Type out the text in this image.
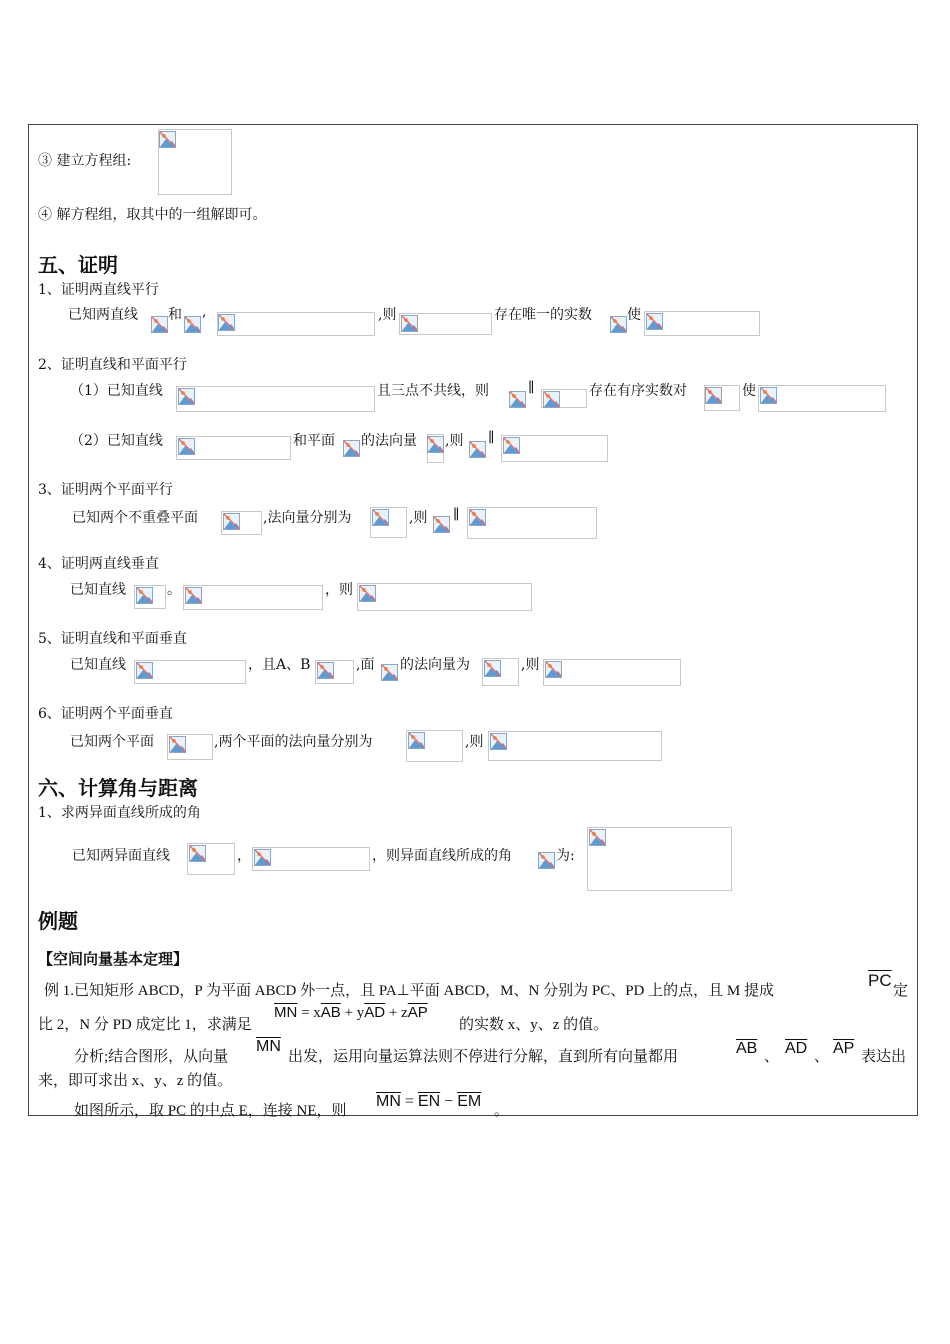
③ 建立方程组:
④ 解方程组，取其中的一组解即可。
五、证明
1、证明两直线平行
已知两直线 和 ,	,则	存在唯一的实数	使
2、证明直线和平面平行
（1）已知直线	且三点不共线，则	∥	存在有序实数对	使
（2）已知直线	和平面 的法向量 ,则 ∥
3、证明两个平面平行
已知两个不重叠平面	,法向量分别为	,则 ∥
4、证明两直线垂直
已知直线	。	，则
5、证明直线和平面垂直
已知直线	，且A、B	,面 的法向量为	,则
6、证明两个平面垂直
已知两个平面	,两个平面的法向量分别为	,则
六、计算角与距离
1、求两异面直线所成的角
已知两异面直线	，	，则异面直线所成的角	为:
例题
【空间向量基本定理】
例 1.已知矩形 ABCD，P 为平面 ABCD 外一点，且 PA⊥平面 ABCD，M、N 分别为 PC、PD 上的点，且 M 提成
$\overline{PC}$
定
比 2，N 分 PD 成定比 1，求满足
$\overline{MN} = x\overline{AB} + y\overline{AD} + z\overline{AP}$
的实数 x、y、z 的值。
分析;结合图形，从向量
$\overline{MN}$
出发，运用向量运算法则不停进行分解，直到所有向量都用	$\overline{AB}$ 、 $\overline{AD}$ 、 $\overline{AP}$ 表达出
来，即可求出 x、y、z 的值。
如图所示，取 PC 的中点 E，连接 NE，则
$\overline{MN} = \overline{EN} - \overline{EM}$
。
